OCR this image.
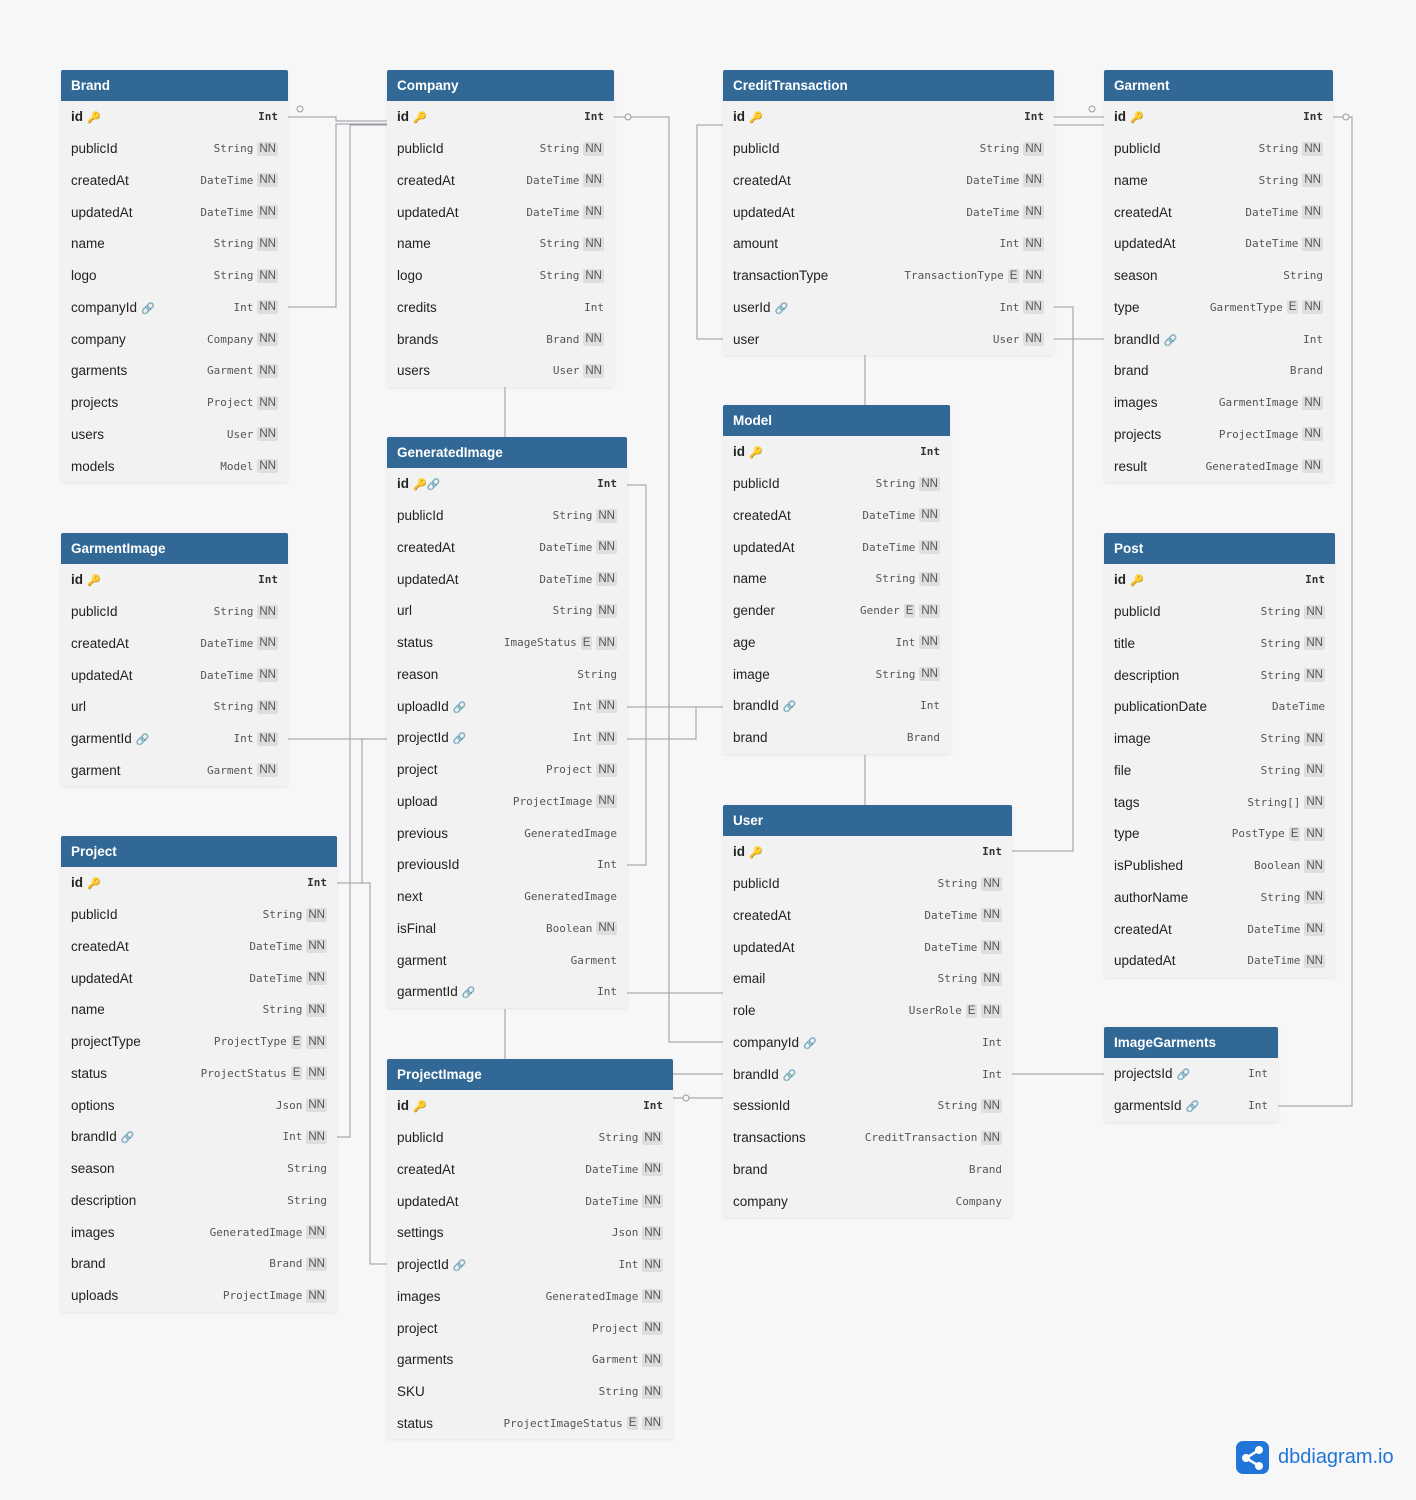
Brand
id 🔑	Int
publicId	String NN
createdAt	DateTime NN
updatedAt	DateTime NN
name	String NN
logo	String NN
companyId 🔗	Int NN
company	Company NN
garments	Garment NN
projects	Project NN
users	User NN
models	Model NN
Company
id 🔑	Int
publicId	String NN
createdAt	DateTime NN
updatedAt	DateTime NN
name	String NN
logo	String NN
credits	Int
brands	Brand NN
users	User NN
CreditTransaction
id 🔑	Int
publicId	String NN
createdAt	DateTime NN
updatedAt	DateTime NN
amount	Int NN
transactionType	TransactionType E NN
userId 🔗	Int NN
user	User NN
Garment
id 🔑	Int
publicId	String NN
name	String NN
createdAt	DateTime NN
updatedAt	DateTime NN
season	String
type	GarmentType E NN
brandId 🔗	Int
brand	Brand
images	GarmentImage NN
projects	ProjectImage NN
result	GeneratedImage NN
GarmentImage
id 🔑	Int
publicId	String NN
createdAt	DateTime NN
updatedAt	DateTime NN
url	String NN
garmentId 🔗	Int NN
garment	Garment NN
GeneratedImage
id 🔑🔗	Int
publicId	String NN
createdAt	DateTime NN
updatedAt	DateTime NN
url	String NN
status	ImageStatus E NN
reason	String
uploadId 🔗	Int NN
projectId 🔗	Int NN
project	Project NN
upload	ProjectImage NN
previous	GeneratedImage
previousId	Int
next	GeneratedImage
isFinal	Boolean NN
garment	Garment
garmentId 🔗	Int
Model
id 🔑	Int
publicId	String NN
createdAt	DateTime NN
updatedAt	DateTime NN
name	String NN
gender	Gender E NN
age	Int NN
image	String NN
brandId 🔗	Int
brand	Brand
Post
id 🔑	Int
publicId	String NN
title	String NN
description	String NN
publicationDate	DateTime
image	String NN
file	String NN
tags	String[] NN
type	PostType E NN
isPublished	Boolean NN
authorName	String NN
createdAt	DateTime NN
updatedAt	DateTime NN
Project
id 🔑	Int
publicId	String NN
createdAt	DateTime NN
updatedAt	DateTime NN
name	String NN
projectType	ProjectType E NN
status	ProjectStatus E NN
options	Json NN
brandId 🔗	Int NN
season	String
description	String
images	GeneratedImage NN
brand	Brand NN
uploads	ProjectImage NN
User
id 🔑	Int
publicId	String NN
createdAt	DateTime NN
updatedAt	DateTime NN
email	String NN
role	UserRole E NN
companyId 🔗	Int
brandId 🔗	Int
sessionId	String NN
transactions	CreditTransaction NN
brand	Brand
company	Company
ImageGarments
projectsId 🔗	Int
garmentsId 🔗	Int
ProjectImage
id 🔑	Int
publicId	String NN
createdAt	DateTime NN
updatedAt	DateTime NN
settings	Json NN
projectId 🔗	Int NN
images	GeneratedImage NN
project	Project NN
garments	Garment NN
SKU	String NN
status	ProjectImageStatus E NN
dbdiagram.io
